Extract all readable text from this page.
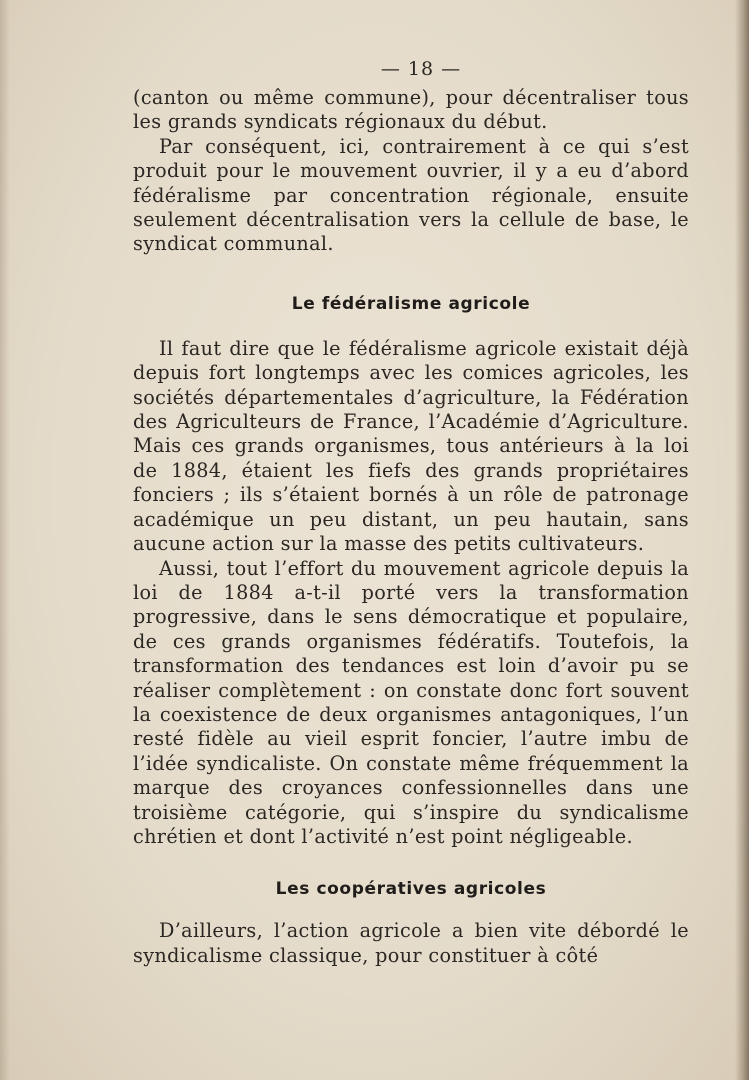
— 18 —

(canton ou même commune), pour décentraliser tous les grands syndicats régionaux du début.

Par conséquent, ici, contrairement à ce qui s’est produit pour le mouvement ouvrier, il y a eu d’abord fédéralisme par concentration régionale, ensuite seulement décentralisation vers la cellule de base, le syndicat communal.

Le fédéralisme agricole

Il faut dire que le fédéralisme agricole existait déjà depuis fort longtemps avec les comices agricoles, les sociétés départementales d’agriculture, la Fédération des Agriculteurs de France, l’Académie d’Agriculture. Mais ces grands organismes, tous antérieurs à la loi de 1884, étaient les fiefs des grands propriétaires fonciers ; ils s’étaient bornés à un rôle de patronage académique un peu distant, un peu hautain, sans aucune action sur la masse des petits cultivateurs.

Aussi, tout l’effort du mouvement agricole depuis la loi de 1884 a-t-il porté vers la transformation progressive, dans le sens démocratique et populaire, de ces grands organismes fédératifs. Toutefois, la transformation des tendances est loin d’avoir pu se réaliser complètement : on constate donc fort souvent la coexistence de deux organismes antagoniques, l’un resté fidèle au vieil esprit foncier, l’autre imbu de l’idée syndicaliste. On constate même fréquemment la marque des croyances confessionnelles dans une troisième catégorie, qui s’inspire du syndicalisme chrétien et dont l’activité n’est point négligeable.

Les coopératives agricoles

D’ailleurs, l’action agricole a bien vite débordé le syndicalisme classique, pour constituer à côté
